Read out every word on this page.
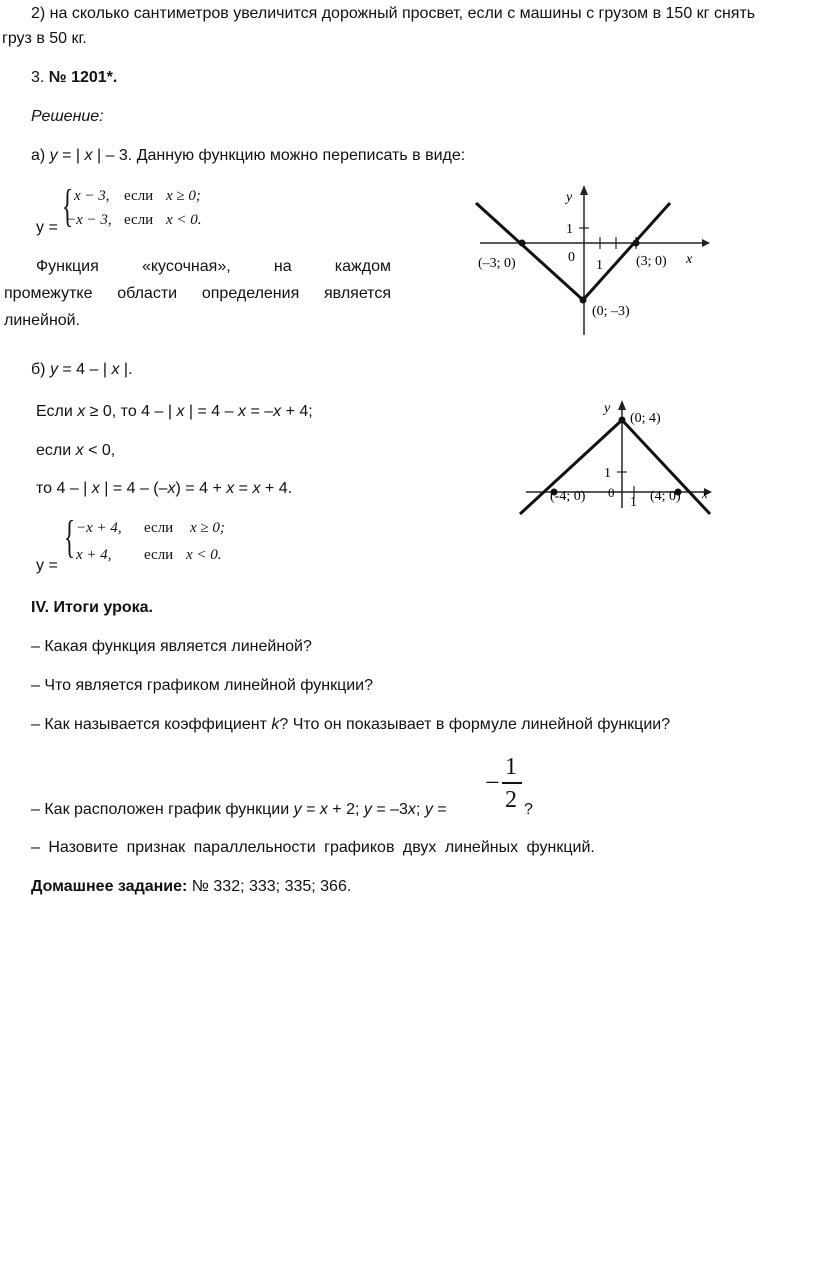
2) на сколько сантиметров увеличится дорожный просвет, если с машины с грузом в 150 кг снять
груз в 50 кг.
3. № 1201*.
Решение:
а) y = | x | – 3. Данную функцию можно переписать в виде:
y = { x − 3, если x ≥ 0;
−x − 3, если x < 0.
Функция «кусочная», на каждом
промежутке области определения является
линейной.
y
x
1
0
1
(–3; 0)	(3; 0)
(0; –3)
б) y = 4 – | x |.
Если x ≥ 0, то 4 – | x | = 4 – x = –x + 4;
если x < 0,
то 4 – | x | = 4 – (–x) = 4 + x = x + 4.
y =
{ −x + 4, если x ≥ 0;
x + 4, если x < 0.
y
x
1
0
1
(0; 4)
(-4; 0)	(4; 0)
IV. Итоги урока.
– Какая функция является линейной?
– Что является графиком линейной функции?
– Как называется коэффициент k? Что он показывает в формуле линейной функции?
– Как расположен график функции y = x + 2; y = –3x; y =
−
1
2 ?
– Назовите признак параллельности графиков двух линейных функций.
Домашнее задание: № 332; 333; 335; 366.
